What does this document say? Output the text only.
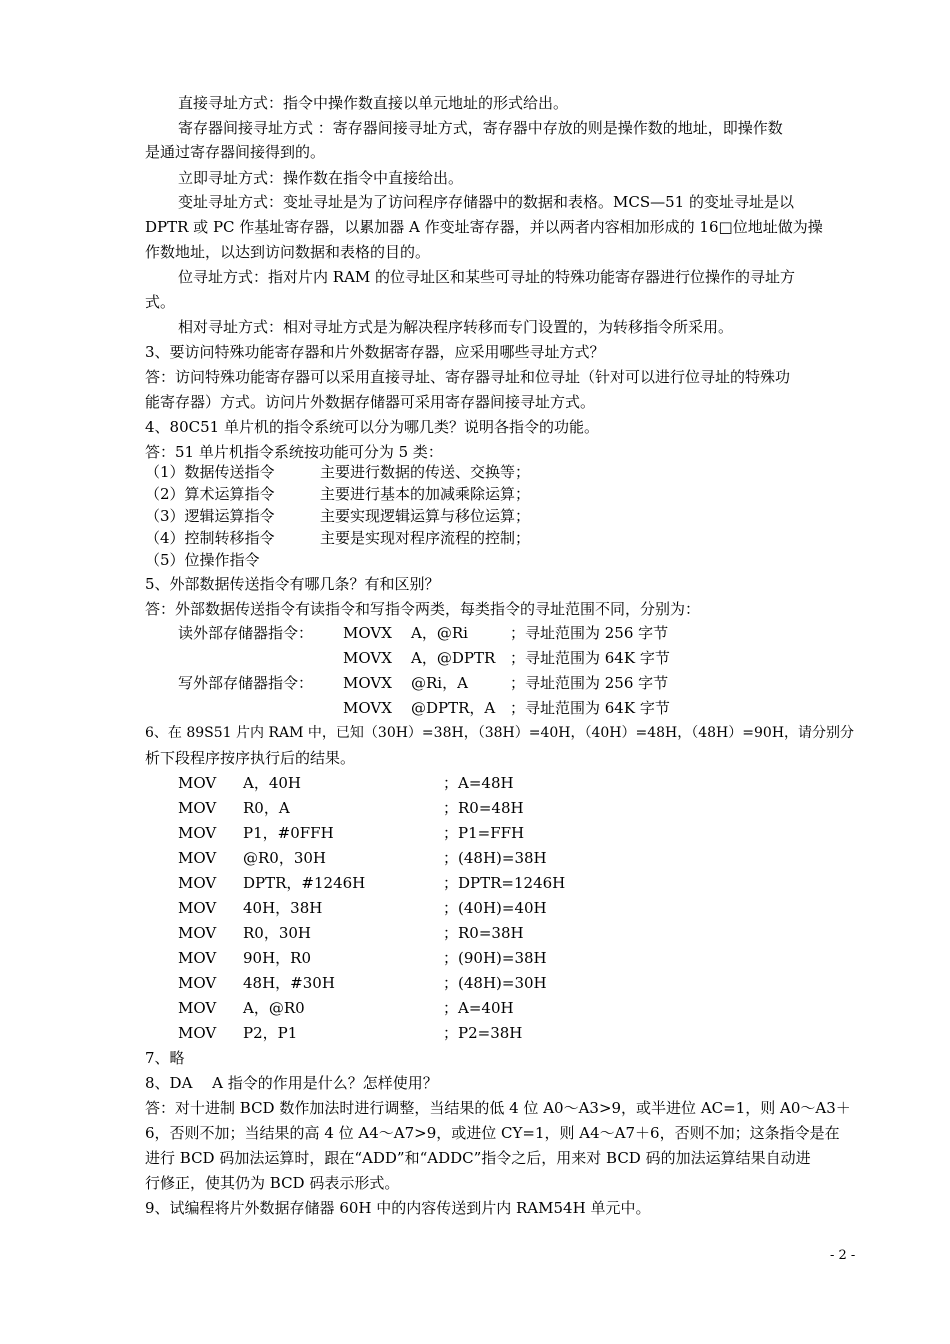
直接寻址方式：指令中操作数直接以单元地址的形式给出。
寄存器间接寻址方式 ：寄存器间接寻址方式，寄存器中存放的则是操作数的地址，即操作数
是通过寄存器间接得到的。
立即寻址方式：操作数在指令中直接给出。
变址寻址方式：变址寻址是为了访问程序存储器中的数据和表格。MCS—51 的变址寻址是以
DPTR 或 PC 作基址寄存器，以累加器 A 作变址寄存器，并以两者内容相加形成的 16□位地址做为操
作数地址，以达到访问数据和表格的目的。
位寻址方式：指对片内 RAM 的位寻址区和某些可寻址的特殊功能寄存器进行位操作的寻址方
式。
相对寻址方式：相对寻址方式是为解决程序转移而专门设置的，为转移指令所采用。
3、要访问特殊功能寄存器和片外数据寄存器，应采用哪些寻址方式？
答：访问特殊功能寄存器可以采用直接寻址、寄存器寻址和位寻址（针对可以进行位寻址的特殊功
能寄存器）方式。访问片外数据存储器可采用寄存器间接寻址方式。
4、80C51 单片机的指令系统可以分为哪几类？说明各指令的功能。
答：51 单片机指令系统按功能可分为 5 类：
（1）数据传送指令	主要进行数据的传送、交换等；
（2）算术运算指令	主要进行基本的加减乘除运算；
（3）逻辑运算指令	主要实现逻辑运算与移位运算；
（4）控制转移指令	主要是实现对程序流程的控制；
（5）位操作指令
5、外部数据传送指令有哪几条？有和区别？
答：外部数据传送指令有读指令和写指令两类，每类指令的寻址范围不同，分别为：
读外部存储器指令： MOVX A，@Ri	；寻址范围为 256 字节
MOVX A，@DPTR ；寻址范围为 64K 字节
写外部存储器指令： MOVX @Ri，A	；寻址范围为 256 字节
MOVX @DPTR，A ；寻址范围为 64K 字节
6、在 89S51 片内 RAM 中，已知（30H）=38H，（38H）=40H，（40H）=48H，（48H）=90H，请分别分
析下段程序按序执行后的结果。
MOV A，40H	；A=48H
MOV R0，A	；R0=48H
MOV P1，#0FFH	；P1=FFH
MOV @R0，30H	；(48H)=38H
MOV DPTR，#1246H	；DPTR=1246H
MOV 40H，38H	；(40H)=40H
MOV R0，30H	；R0=38H
MOV 90H，R0	；(90H)=38H
MOV 48H，#30H	；(48H)=30H
MOV A，@R0	；A=40H
MOV P2，P1	；P2=38H
7、略
8、DA　 A 指令的作用是什么？怎样使用？
答：对十进制 BCD 数作加法时进行调整，当结果的低 4 位 A0～A3>9，或半进位 AC=1，则 A0～A3＋
6，否则不加；当结果的高 4 位 A4～A7>9，或进位 CY=1，则 A4～A7＋6，否则不加；这条指令是在
进行 BCD 码加法运算时，跟在“ADD”和“ADDC”指令之后，用来对 BCD 码的加法运算结果自动进
行修正，使其仍为 BCD 码表示形式。
9、试编程将片外数据存储器 60H 中的内容传送到片内 RAM54H 单元中。
- 2 -
